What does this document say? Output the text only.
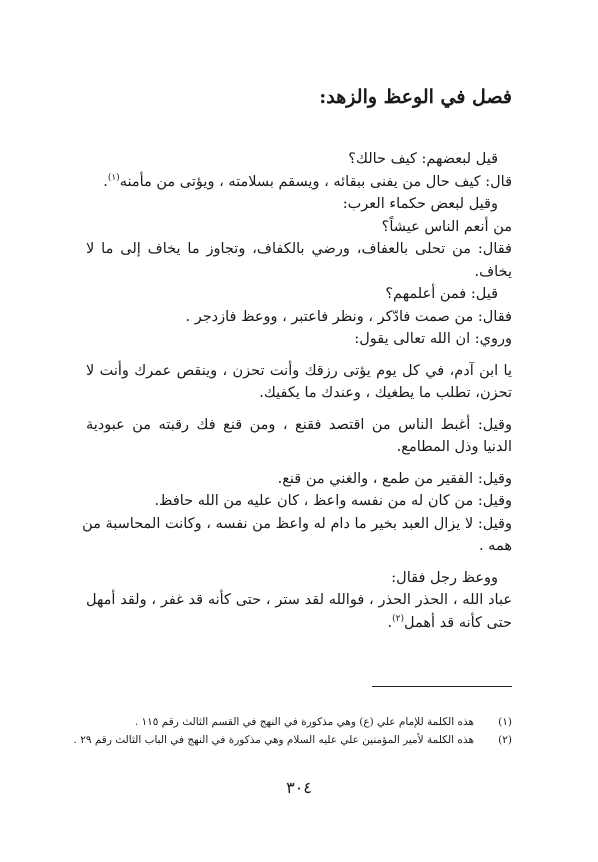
فصل في الوعظ والزهد:
قيل لبعضهم: كيف حالك؟
قال: كيف حال من يفنى ببقائه ، ويسقم بسلامته ، ويؤتى من مأمنه$^{(١)}$.
وقيل لبعض حكماء العرب:
من أنعم الناس عيشاً؟
فقال: من تحلى بالعفاف، ورضي بالكفاف، وتجاوز ما يخاف إلى ما لا
يخاف.
قيل: فمن أعلمهم؟
فقال: من صمت فادّكر ، ونظر فاعتبر ، ووعظ فازدجر .
وروي: ان الله تعالى يقول:
يا ابن آدم، في كل يوم يؤتى رزقك وأنت تحزن ، وينقص عمرك وأنت لا
تحزن، تطلب ما يطغيك ، وعندك ما يكفيك.
وقيل: أغبط الناس من اقتصد فقنع ، ومن قنع فك رقبته من عبودية
الدنيا وذل المطامع.
وقيل: الفقير من طمع ، والغني من قنع.
وقيل: من كان له من نفسه واعظ ، كان عليه من الله حافظ.
وقيل: لا يزال العبد بخير ما دام له واعظ من نفسه ، وكانت المحاسبة من
همه .
ووعظ رجل فقال:
عباد الله ، الحذر الحذر ، فوالله لقد ستر ، حتى كأنه قد غفر ، ولقد أمهل
حتى كأنه قد أهمل$^{(٢)}$.
(١)
هذه الكلمة للإمام علي (ع) وهي مذكورة في النهج في القسم الثالث رقم ١١٥ .
(٢)
هذه الكلمة لأمير المؤمنين علي عليه السلام وهي مذكورة في النهج في الباب الثالث رقم ٢٩ .
٣٠٤
